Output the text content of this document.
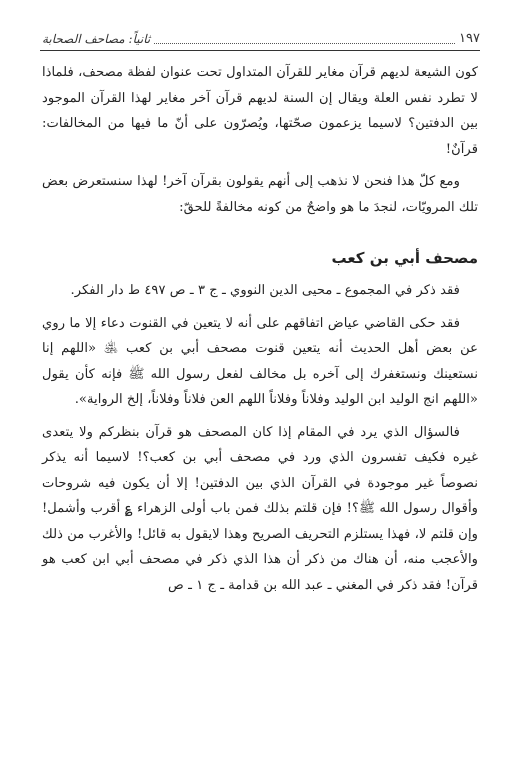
١٩٧
ثانياً: مصاحف الصحابة

كون الشيعة لديهم قرآن مغاير للقرآن المتداول تحت عنوان لفظة مصحف، فلماذا لا تطرد نفس العلة ويقال إن السنة لديهم قرآن آخر مغاير لهذا القرآن الموجود بين الدفتين؟ لاسيما يزعمون صحّتها، ويُصرّون على أنّ ما فيها من المخالفات: قرآنٌ!

ومع كلّ هذا فنحن لا نذهب إلى أنهم يقولون بقرآن آخر! لهذا سنستعرض بعض تلك المرويّات، لنجدَ ما هو واضحٌ من كونه مخالفةً للحقّ:

مصحف أبي بن كعب

فقد ذكر في المجموع ـ محيى الدين النووي ـ ج ٣ ـ ص ٤٩٧ ط دار الفكر.

فقد حكى القاضي عياض اتفاقهم على أنه لا يتعين في القنوت دعاء إلا ما روي عن بعض أهل الحديث أنه يتعين قنوت مصحف أبي بن كعب ﵁ «اللهم إنا نستعينك ونستغفرك إلى آخره بل مخالف لفعل رسول الله ﷺ فإنه كأن يقول «اللهم انج الوليد ابن الوليد وفلاناً وفلاناً اللهم العن فلاناً وفلاناً، إلخ الرواية».

فالسؤال الذي يرد في المقام إذا كان المصحف هو قرآن بنظركم ولا يتعدى غيره فكيف تفسرون الذي ورد في مصحف أبي بن كعب؟! لاسيما أنه يذكر نصوصاً غير موجودة في القرآن الذي بين الدفتين! إلا أن يكون فيه شروحات وأقوال رسول الله ﷺ؟! فإن قلتم بذلك فمن باب أولى الزهراء ؏ أقرب وأشمل! وإن قلتم لا، فهذا يستلزم التحريف الصريح وهذا لايقول به قائل! والأغرب من ذلك والأعجب منه، أن هناك من ذكر أن هذا الذي ذكر في مصحف أبي ابن كعب هو قرآن! فقد ذكر في المغني ـ عبد الله بن قدامة ـ ج ١ ـ ص
